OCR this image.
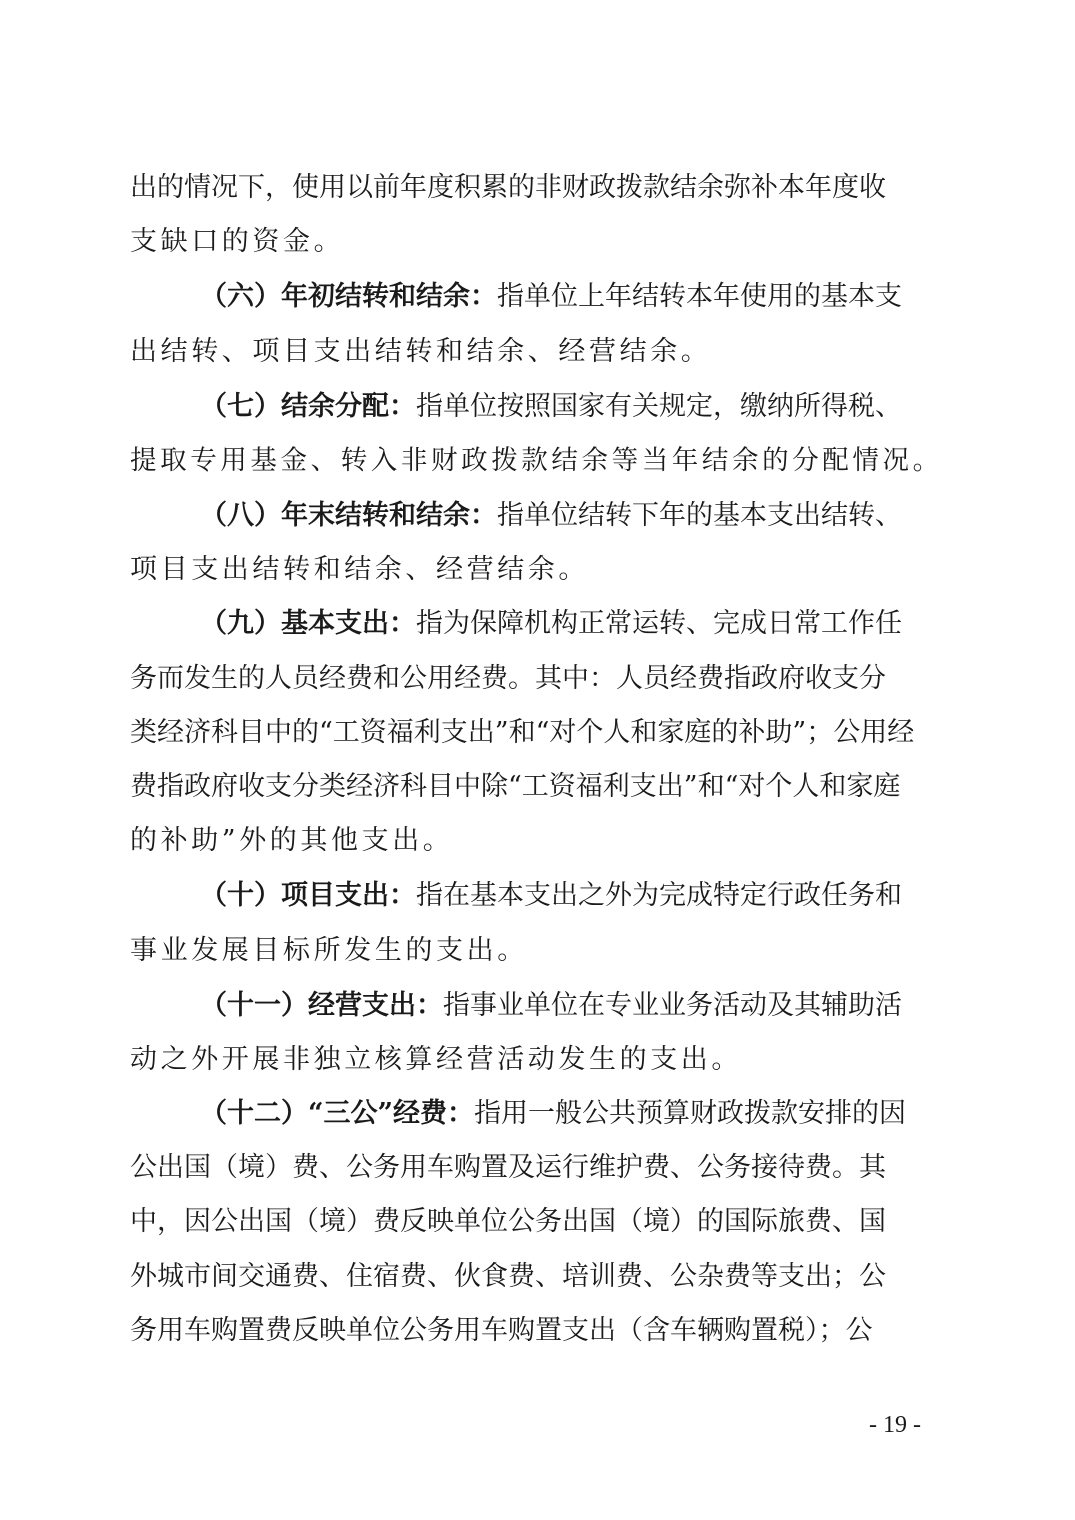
出的情况下，使用以前年度积累的非财政拨款结余弥补本年度收
支缺口的资金。
（六）年初结转和结余：指单位上年结转本年使用的基本支
出结转、项目支出结转和结余、经营结余。
（七）结余分配：指单位按照国家有关规定，缴纳所得税、
提取专用基金、转入非财政拨款结余等当年结余的分配情况。
（八）年末结转和结余：指单位结转下年的基本支出结转、
项目支出结转和结余、经营结余。
（九）基本支出：指为保障机构正常运转、完成日常工作任
务而发生的人员经费和公用经费。其中：人员经费指政府收支分
类经济科目中的“工资福利支出”和“对个人和家庭的补助”；公用经
费指政府收支分类经济科目中除“工资福利支出”和“对个人和家庭
的补助”外的其他支出。
（十）项目支出：指在基本支出之外为完成特定行政任务和
事业发展目标所发生的支出。
（十一）经营支出：指事业单位在专业业务活动及其辅助活
动之外开展非独立核算经营活动发生的支出。
（十二）“三公”经费：指用一般公共预算财政拨款安排的因
公出国（境）费、公务用车购置及运行维护费、公务接待费。其
中，因公出国（境）费反映单位公务出国（境）的国际旅费、国
外城市间交通费、住宿费、伙食费、培训费、公杂费等支出；公
务用车购置费反映单位公务用车购置支出（含车辆购置税）；公
- 19 -
